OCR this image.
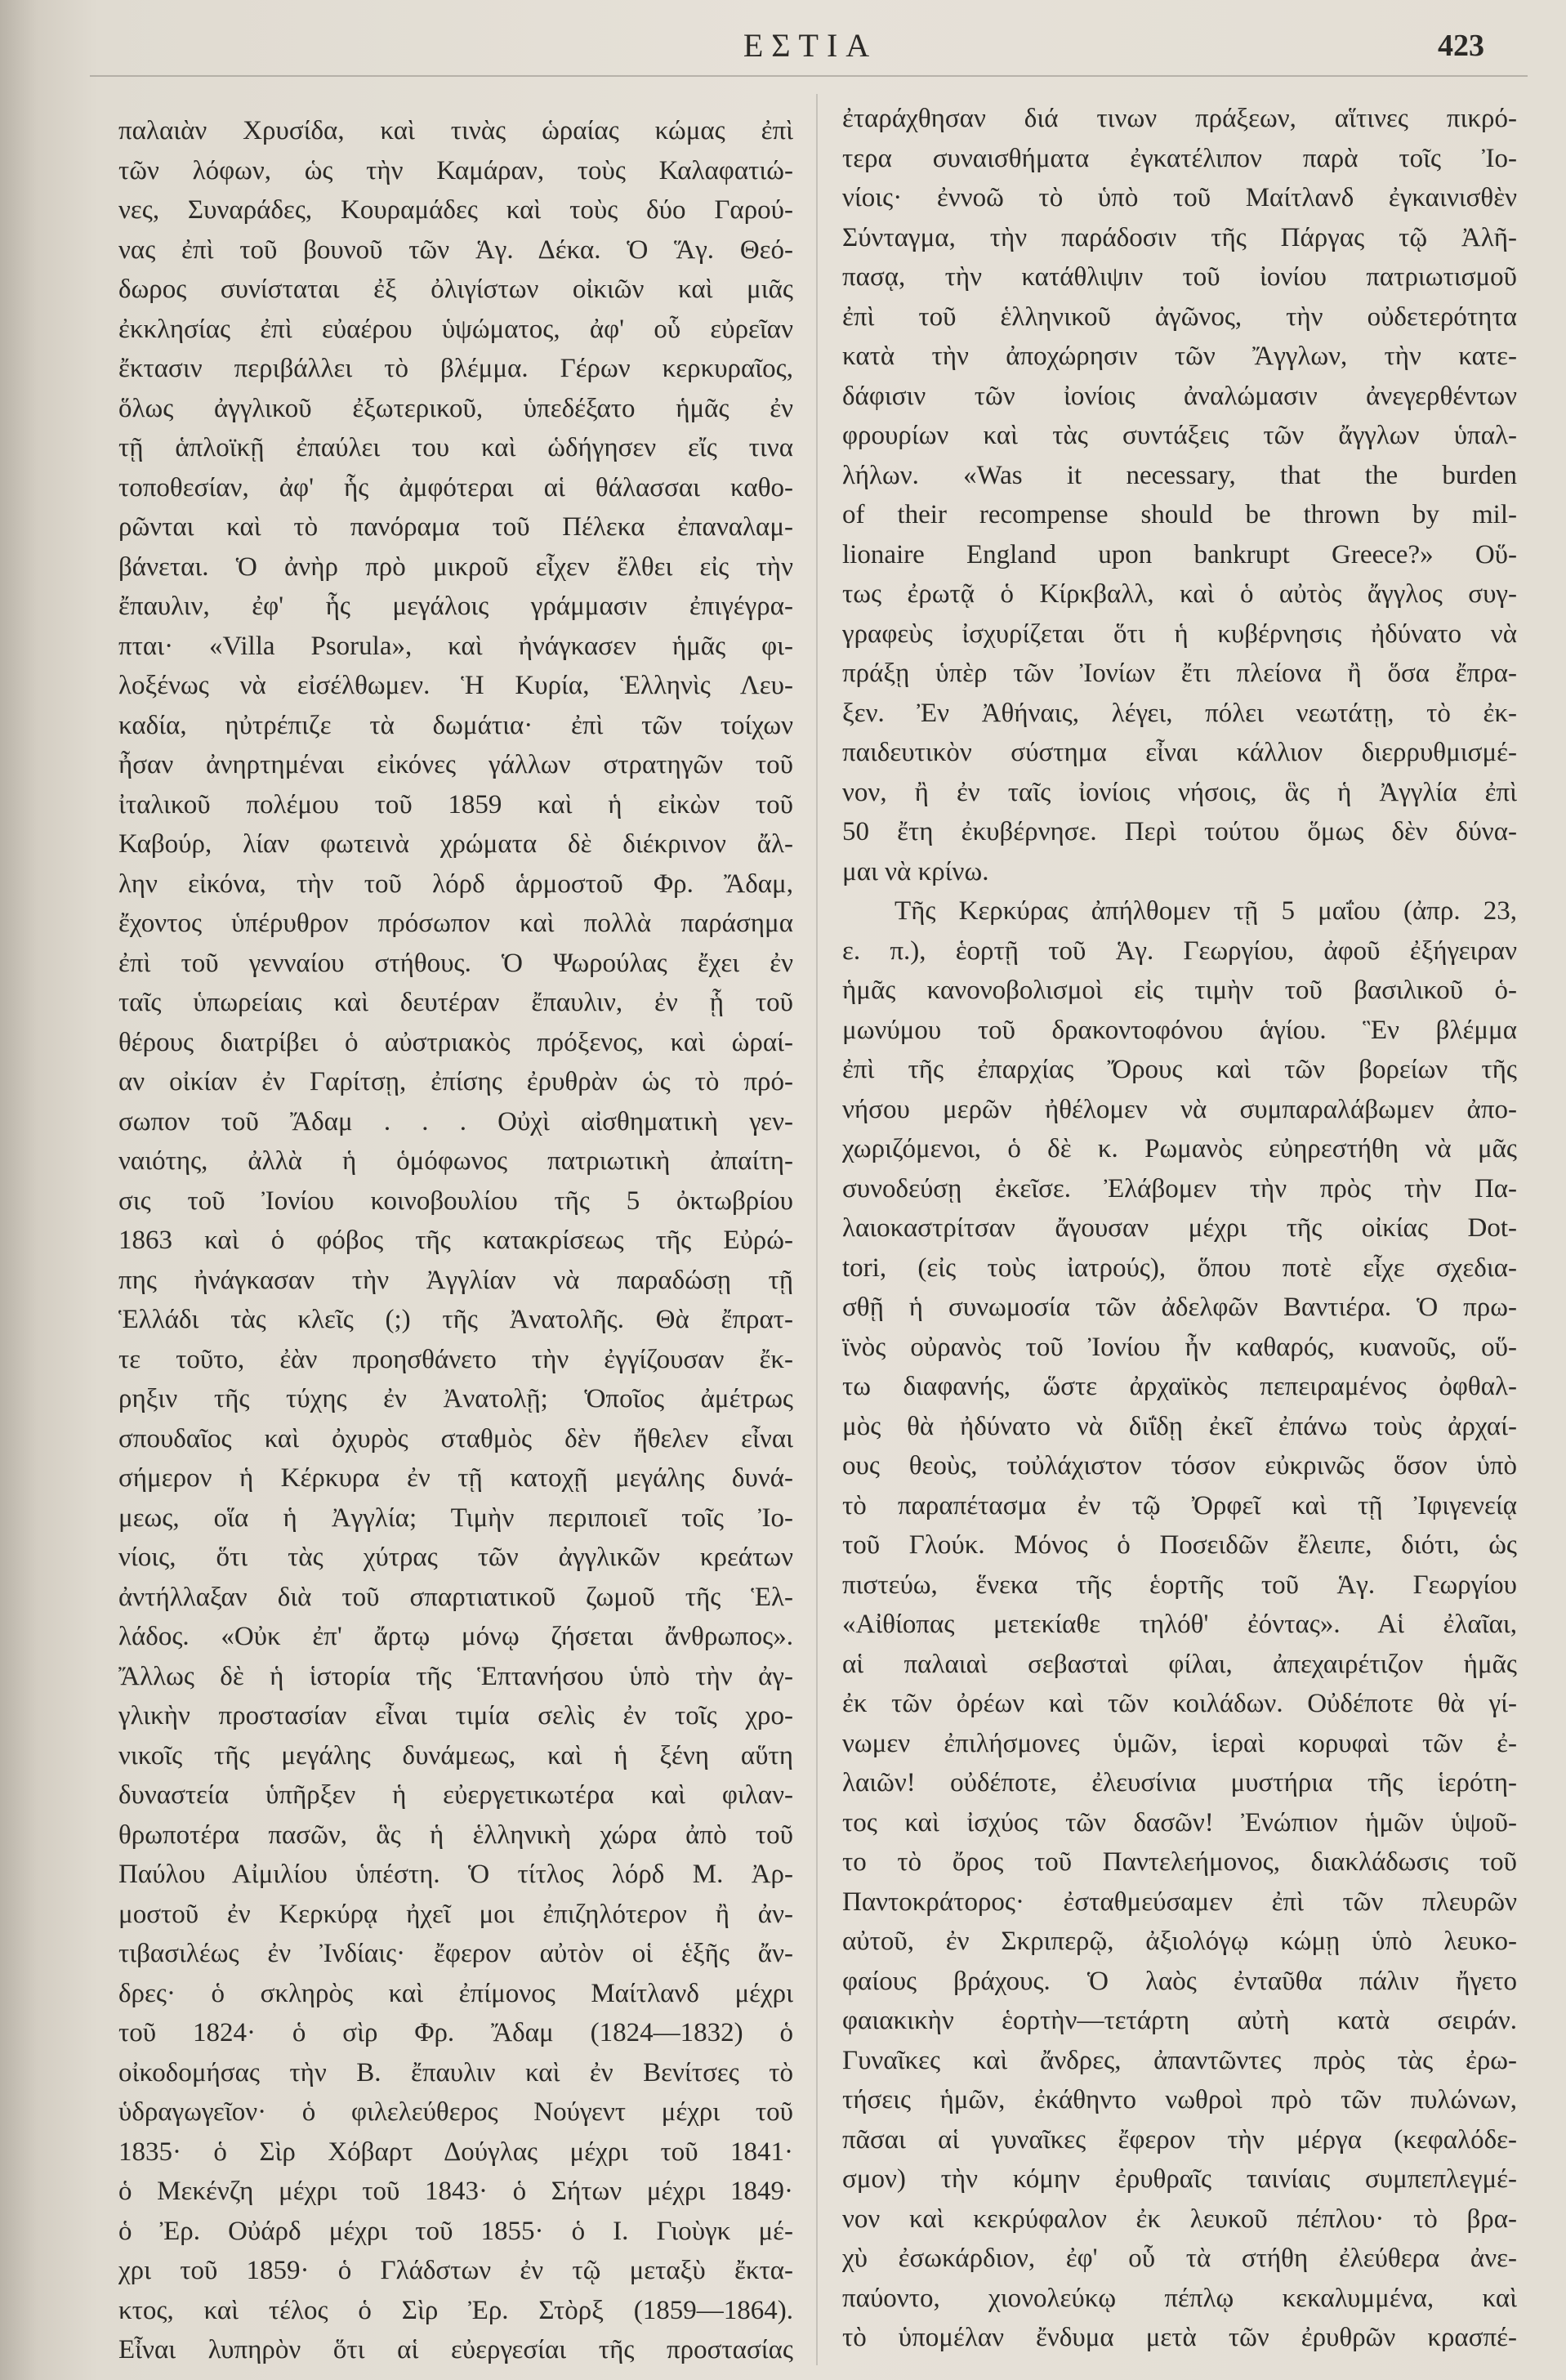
ΕΣΤΙΑ	423
παλαιὰν Χρυσίδα, καὶ τινὰς ὡραίας κώμας ἐπὶ
τῶν λόφων, ὡς τὴν Καμάραν, τοὺς Καλαφατιώ-
νες, Συναράδες, Κουραμάδες καὶ τοὺς δύο Γαρού-
νας ἐπὶ τοῦ βουνοῦ τῶν Ἁγ. Δέκα. Ὁ Ἅγ. Θεό-
δωρος συνίσταται ἐξ ὀλιγίστων οἰκιῶν καὶ μιᾶς
ἐκκλησίας ἐπὶ εὐαέρου ὑψώματος, ἀφ' οὗ εὐρεῖαν
ἔκτασιν περιβάλλει τὸ βλέμμα. Γέρων κερκυραῖος,
ὅλως ἀγγλικοῦ ἐξωτερικοῦ, ὑπεδέξατο ἡμᾶς ἐν
τῇ ἁπλοϊκῇ ἐπαύλει του καὶ ὡδήγησεν εἴς τινα
τοποθεσίαν, ἀφ' ἧς ἀμφότεραι αἱ θάλασσαι καθο-
ρῶνται καὶ τὸ πανόραμα τοῦ Πέλεκα ἐπαναλαμ-
βάνεται. Ὁ ἀνὴρ πρὸ μικροῦ εἶχεν ἔλθει εἰς τὴν
ἔπαυλιν, ἐφ' ἧς μεγάλοις γράμμασιν ἐπιγέγρα-
πται· «Villa Psorula», καὶ ἠνάγκασεν ἡμᾶς φι-
λοξένως νὰ εἰσέλθωμεν. Ἡ Κυρία, Ἑλληνὶς Λευ-
καδία, ηὐτρέπιζε τὰ δωμάτια· ἐπὶ τῶν τοίχων
ἦσαν ἀνηρτημέναι εἰκόνες γάλλων στρατηγῶν τοῦ
ἰταλικοῦ πολέμου τοῦ 1859 καὶ ἡ εἰκὼν τοῦ
Καβούρ, λίαν φωτεινὰ χρώματα δὲ διέκρινον ἄλ-
λην εἰκόνα, τὴν τοῦ λόρδ ἁρμοστοῦ Φρ. Ἄδαμ,
ἔχοντος ὑπέρυθρον πρόσωπον καὶ πολλὰ παράσημα
ἐπὶ τοῦ γενναίου στήθους. Ὁ Ψωρούλας ἔχει ἐν
ταῖς ὑπωρείαις καὶ δευτέραν ἔπαυλιν, ἐν ᾗ τοῦ
θέρους διατρίβει ὁ αὐστριακὸς πρόξενος, καὶ ὡραί-
αν οἰκίαν ἐν Γαρίτσῃ, ἐπίσης ἐρυθρὰν ὡς τὸ πρό-
σωπον τοῦ Ἄδαμ . . . Οὐχὶ αἰσθηματικὴ γεν-
ναιότης, ἀλλὰ ἡ ὁμόφωνος πατριωτικὴ ἀπαίτη-
σις τοῦ Ἰονίου κοινοβουλίου τῆς 5 ὀκτωβρίου
1863 καὶ ὁ φόβος τῆς κατακρίσεως τῆς Εὐρώ-
πης ἠνάγκασαν τὴν Ἀγγλίαν νὰ παραδώσῃ τῇ
Ἑλλάδι τὰς κλεῖς (;) τῆς Ἀνατολῆς. Θὰ ἔπρατ-
τε τοῦτο, ἐὰν προησθάνετο τὴν ἐγγίζουσαν ἔκ-
ρηξιν τῆς τύχης ἐν Ἀνατολῇ; Ὁποῖος ἀμέτρως
σπουδαῖος καὶ ὀχυρὸς σταθμὸς δὲν ἤθελεν εἶναι
σήμερον ἡ Κέρκυρα ἐν τῇ κατοχῇ μεγάλης δυνά-
μεως, οἵα ἡ Ἀγγλία; Τιμὴν περιποιεῖ τοῖς Ἰο-
νίοις, ὅτι τὰς χύτρας τῶν ἀγγλικῶν κρεάτων
ἀντήλλαξαν διὰ τοῦ σπαρτιατικοῦ ζωμοῦ τῆς Ἑλ-
λάδος. «Οὐκ ἐπ' ἄρτῳ μόνῳ ζήσεται ἄνθρωπος».
Ἄλλως δὲ ἡ ἱστορία τῆς Ἑπτανήσου ὑπὸ τὴν ἀγ-
γλικὴν προστασίαν εἶναι τιμία σελὶς ἐν τοῖς χρο-
νικοῖς τῆς μεγάλης δυνάμεως, καὶ ἡ ξένη αὕτη
δυναστεία ὑπῆρξεν ἡ εὐεργετικωτέρα καὶ φιλαν-
θρωποτέρα πασῶν, ἃς ἡ ἑλληνικὴ χώρα ἀπὸ τοῦ
Παύλου Αἰμιλίου ὑπέστη. Ὁ τίτλος λόρδ Μ. Ἀρ-
μοστοῦ ἐν Κερκύρᾳ ἠχεῖ μοι ἐπιζηλότερον ἢ ἀν-
τιβασιλέως ἐν Ἰνδίαις· ἔφερον αὐτὸν οἱ ἑξῆς ἄν-
δρες· ὁ σκληρὸς καὶ ἐπίμονος Μαίτλανδ μέχρι
τοῦ 1824· ὁ σὶρ Φρ. Ἄδαμ (1824—1832) ὁ
οἰκοδομήσας τὴν Β. ἔπαυλιν καὶ ἐν Βενίτσες τὸ
ὑδραγωγεῖον· ὁ φιλελεύθερος Νούγεντ μέχρι τοῦ
1835· ὁ Σὶρ Χόβαρτ Δούγλας μέχρι τοῦ 1841·
ὁ Μεκένζη μέχρι τοῦ 1843· ὁ Σήτων μέχρι 1849·
ὁ Ἐρ. Οὐάρδ μέχρι τοῦ 1855· ὁ Ι. Γιοὺγκ μέ-
χρι τοῦ 1859· ὁ Γλάδστων ἐν τῷ μεταξὺ ἔκτα-
κτος, καὶ τέλος ὁ Σὶρ Ἐρ. Στὸρξ (1859—1864).
Εἶναι λυπηρὸν ὅτι αἱ εὐεργεσίαι τῆς προστασίας
ἐταράχθησαν διά τινων πράξεων, αἵτινες πικρό-
τερα συναισθήματα ἐγκατέλιπον παρὰ τοῖς Ἰο-
νίοις· ἐννοῶ τὸ ὑπὸ τοῦ Μαίτλανδ ἐγκαινισθὲν
Σύνταγμα, τὴν παράδοσιν τῆς Πάργας τῷ Ἀλῆ-
πασᾳ, τὴν κατάθλιψιν τοῦ ἰονίου πατριωτισμοῦ
ἐπὶ τοῦ ἑλληνικοῦ ἀγῶνος, τὴν οὐδετερότητα
κατὰ τὴν ἀποχώρησιν τῶν Ἄγγλων, τὴν κατε-
δάφισιν τῶν ἰονίοις ἀναλώμασιν ἀνεγερθέντων
φρουρίων καὶ τὰς συντάξεις τῶν ἄγγλων ὑπαλ-
λήλων. «Was it necessary, that the burden
of their recompense should be thrown by mil-
lionaire England upon bankrupt Greece?» Οὕ-
τως ἐρωτᾷ ὁ Κίρκβαλλ, καὶ ὁ αὐτὸς ἄγγλος συγ-
γραφεὺς ἰσχυρίζεται ὅτι ἡ κυβέρνησις ἠδύνατο νὰ
πράξῃ ὑπὲρ τῶν Ἰονίων ἔτι πλείονα ἢ ὅσα ἔπρα-
ξεν. Ἐν Ἀθήναις, λέγει, πόλει νεωτάτῃ, τὸ ἐκ-
παιδευτικὸν σύστημα εἶναι κάλλιον διερρυθμισμέ-
νον, ἢ ἐν ταῖς ἰονίοις νήσοις, ἃς ἡ Ἀγγλία ἐπὶ
50 ἔτη ἐκυβέρνησε. Περὶ τούτου ὅμως δὲν δύνα-
μαι νὰ κρίνω.
Τῆς Κερκύρας ἀπήλθομεν τῇ 5 μαΐου (ἀπρ. 23,
ε. π.), ἑορτῇ τοῦ Ἁγ. Γεωργίου, ἀφοῦ ἐξήγειραν
ἡμᾶς κανονοβολισμοὶ εἰς τιμὴν τοῦ βασιλικοῦ ὁ-
μωνύμου τοῦ δρακοντοφόνου ἁγίου. Ἓν βλέμμα
ἐπὶ τῆς ἐπαρχίας Ὄρους καὶ τῶν βορείων τῆς
νήσου μερῶν ἠθέλομεν νὰ συμπαραλάβωμεν ἀπο-
χωριζόμενοι, ὁ δὲ κ. Ρωμανὸς εὐηρεστήθη νὰ μᾶς
συνοδεύσῃ ἐκεῖσε. Ἐλάβομεν τὴν πρὸς τὴν Πα-
λαιοκαστρίτσαν ἄγουσαν μέχρι τῆς οἰκίας Dot-
tori, (εἰς τοὺς ἰατρούς), ὅπου ποτὲ εἶχε σχεδια-
σθῇ ἡ συνωμοσία τῶν ἀδελφῶν Βαντιέρα. Ὁ πρω-
ϊνὸς οὐρανὸς τοῦ Ἰονίου ἦν καθαρός, κυανοῦς, οὕ-
τω διαφανής, ὥστε ἀρχαϊκὸς πεπειραμένος ὀφθαλ-
μὸς θὰ ἠδύνατο νὰ διΐδῃ ἐκεῖ ἐπάνω τοὺς ἀρχαί-
ους θεοὺς, τοὐλάχιστον τόσον εὐκρινῶς ὅσον ὑπὸ
τὸ παραπέτασμα ἐν τῷ Ὀρφεῖ καὶ τῇ Ἰφιγενείᾳ
τοῦ Γλούκ. Μόνος ὁ Ποσειδῶν ἔλειπε, διότι, ὡς
πιστεύω, ἕνεκα τῆς ἑορτῆς τοῦ Ἁγ. Γεωργίου
«Αἰθίοπας μετεκίαθε τηλόθ' ἐόντας». Αἱ ἐλαῖαι,
αἱ παλαιαὶ σεβασταὶ φίλαι, ἀπεχαιρέτιζον ἡμᾶς
ἐκ τῶν ὀρέων καὶ τῶν κοιλάδων. Οὐδέποτε θὰ γί-
νωμεν ἐπιλήσμονες ὑμῶν, ἱεραὶ κορυφαὶ τῶν ἐ-
λαιῶν! οὐδέποτε, ἐλευσίνια μυστήρια τῆς ἱερότη-
τος καὶ ἰσχύος τῶν δασῶν! Ἐνώπιον ἡμῶν ὑψοῦ-
το τὸ ὄρος τοῦ Παντελεήμονος, διακλάδωσις τοῦ
Παντοκράτορος· ἐσταθμεύσαμεν ἐπὶ τῶν πλευρῶν
αὐτοῦ, ἐν Σκριπερῷ, ἀξιολόγῳ κώμῃ ὑπὸ λευκο-
φαίους βράχους. Ὁ λαὸς ἐνταῦθα πάλιν ἤγετο
φαιακικὴν ἑορτὴν—τετάρτη αὐτὴ κατὰ σειράν.
Γυναῖκες καὶ ἄνδρες, ἀπαντῶντες πρὸς τὰς ἐρω-
τήσεις ἡμῶν, ἐκάθηντο νωθροὶ πρὸ τῶν πυλώνων,
πᾶσαι αἱ γυναῖκες ἔφερον τὴν μέργα (κεφαλόδε-
σμον) τὴν κόμην ἐρυθραῖς ταινίαις συμπεπλεγμέ-
νον καὶ κεκρύφαλον ἐκ λευκοῦ πέπλου· τὸ βρα-
χὺ ἐσωκάρδιον, ἐφ' οὗ τὰ στήθη ἐλεύθερα ἀνε-
παύοντο, χιονολεύκῳ πέπλῳ κεκαλυμμένα, καὶ
τὸ ὑπομέλαν ἔνδυμα μετὰ τῶν ἐρυθρῶν κρασπέ-
